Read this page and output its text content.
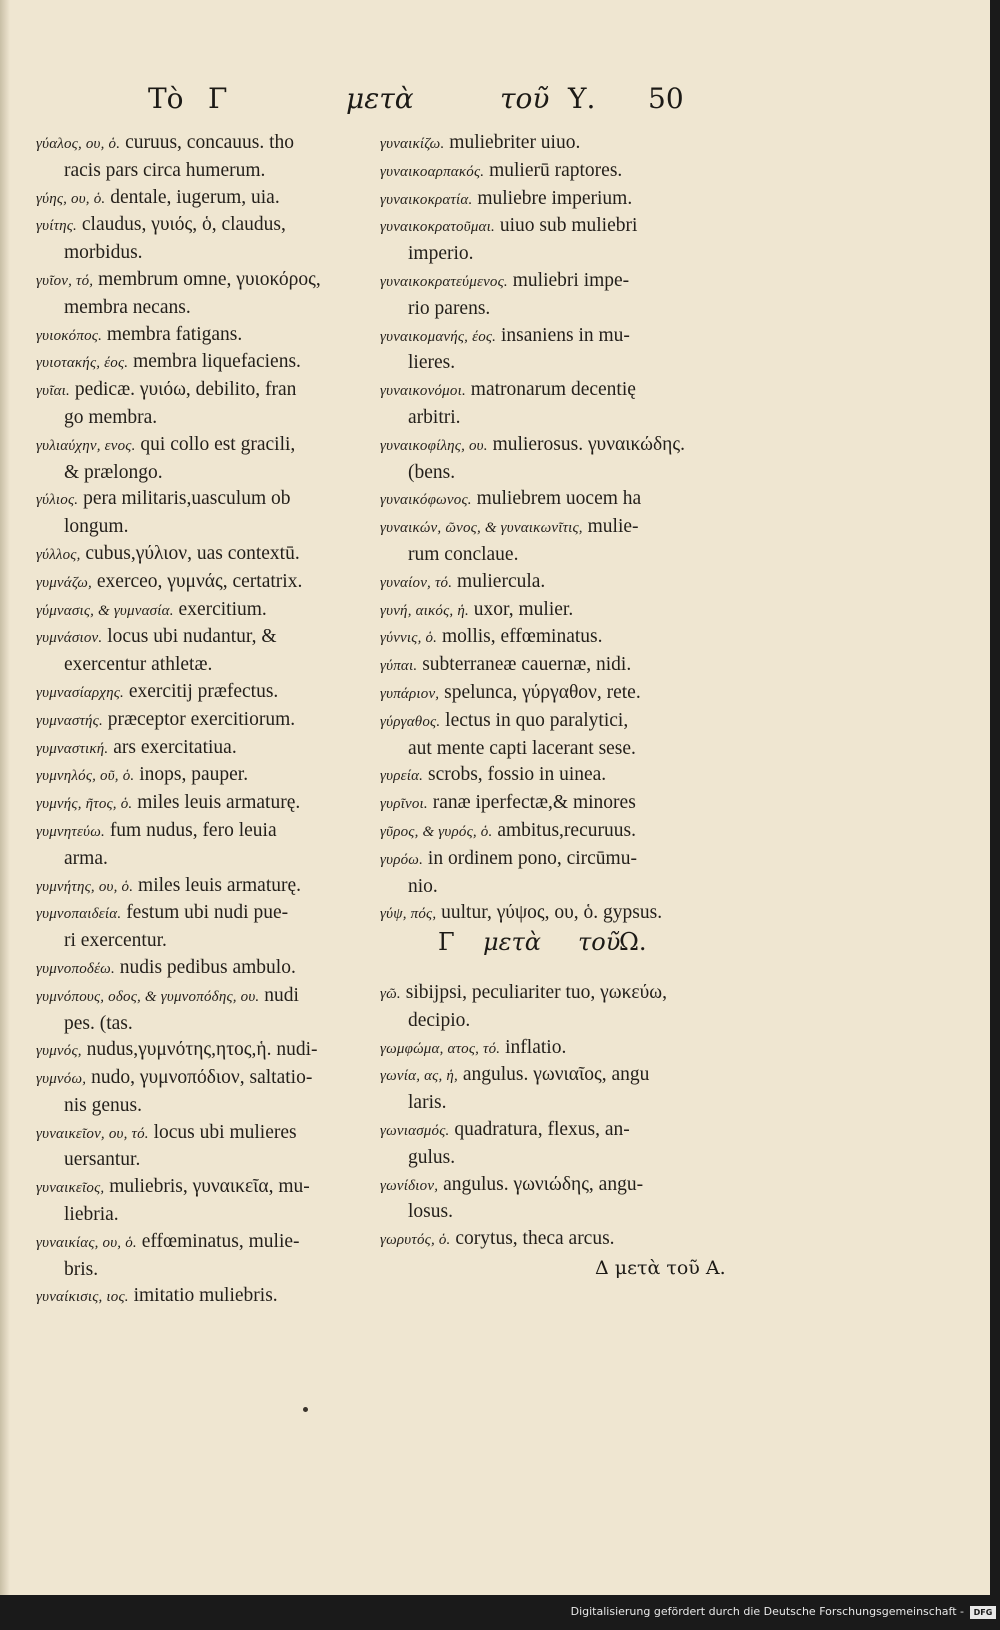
Τὸ Γ	μετὰ	τοῦ Υ. 50
γύαλος, ου, ὁ. curuus, concauus. tho
racis pars circa humerum.
γύης, ου, ὁ. dentale, iugerum, uia.
γυίτης. claudus, γυιός, ὁ, claudus,
morbidus.
γυῖον, τό, membrum omne, γυιοκόρος,
membra necans.
γυιοκόπος. membra fatigans.
γυιοτακής, έος. membra liquefaciens.
γυῖαι. pedicæ. γυιόω, debilito, fran
go membra.
γυλιαύχην, ενος. qui collo est gracili,
& prælongo.
γύλιος. pera militaris,uasculum ob
longum.
γύλλος, cubus,γύλιον, uas contextū.
γυμνάζω, exerceo, γυμνάς, certatrix.
γύμνασις, & γυμνασία. exercitium.
γυμνάσιον. locus ubi nudantur, &
exercentur athletæ.
γυμνασίαρχης. exercitij præfectus.
γυμναστής. præceptor exercitiorum.
γυμναστική. ars exercitatiua.
γυμνηλός, οῦ, ὁ. inops, pauper.
γυμνής, ῆτος, ὁ. miles leuis armaturę.
γυμνητεύω. fum nudus, fero leuia
arma.
γυμνήτης, ου, ὁ. miles leuis armaturę.
γυμνοπαιδεία. festum ubi nudi pue-
ri exercentur.
γυμνοποδέω. nudis pedibus ambulo.
γυμνόπους, οδος, & γυμνοπόδης, ου. nudi
pes. (tas.
γυμνός, nudus,γυμνότης,ητος,ἡ. nudi-
γυμνόω, nudo, γυμνοπόδιον, saltatio-
nis genus.
γυναικεῖον, ου, τό. locus ubi mulieres
uersantur.
γυναικεῖος, muliebris, γυναικεῖα, mu-
liebria.
γυναικίας, ου, ὁ. effœminatus, mulie-
bris.
γυναίκισις, ιος. imitatio muliebris.
γυναικίζω. muliebriter uiuo.
γυναικοαρπακός. mulierū raptores.
γυναικοκρατία. muliebre imperium.
γυναικοκρατοῦμαι. uiuo sub muliebri
imperio.
γυναικοκρατεύμενος. muliebri impe-
rio parens.
γυναικομανής, έος. insaniens in mu-
lieres.
γυναικονόμοι. matronarum decentię
arbitri.
γυναικοφίλης, ου. mulierosus. γυναικώδης.
(bens.
γυναικόφωνος. muliebrem uocem ha
γυναικών, ῶνος, & γυναικωνῖτις, mulie-
rum conclaue.
γυναίον, τό. muliercula.
γυνή, αικός, ἡ. uxor, mulier.
γύννις, ὁ. mollis, effœminatus.
γύπαι. subterraneæ cauernæ, nidi.
γυπάριον, spelunca, γύργαθον, rete.
γύργαθος. lectus in quo paralytici,
aut mente capti lacerant sese.
γυρεία. scrobs, fossio in uinea.
γυρῖνοι. ranæ iperfectæ,& minores
γῦρος, & γυρός, ὁ. ambitus,recuruus.
γυρόω. in ordinem pono, circūmu-
nio.
γύψ, πός, uultur, γύψος, ου, ὁ. gypsus.
Γ μετὰ τοῦ
Ω.
γῶ. sibijpsi, peculiariter tuo, γωκεύω,
decipio.
γωμφώμα, ατος, τό. inflatio.
γωνία, ας, ἡ, angulus. γωνιαῖος, angu
laris.
γωνιασμός. quadratura, flexus, an-
gulus.
γωνίδιον, angulus. γωνιώδης, angu-
losus.
γωρυτός, ὁ. corytus, theca arcus.
Δ μετὰ τοῦ Α.
Digitalisierung gefördert durch die Deutsche Forschungsgemeinschaft -	DFG
